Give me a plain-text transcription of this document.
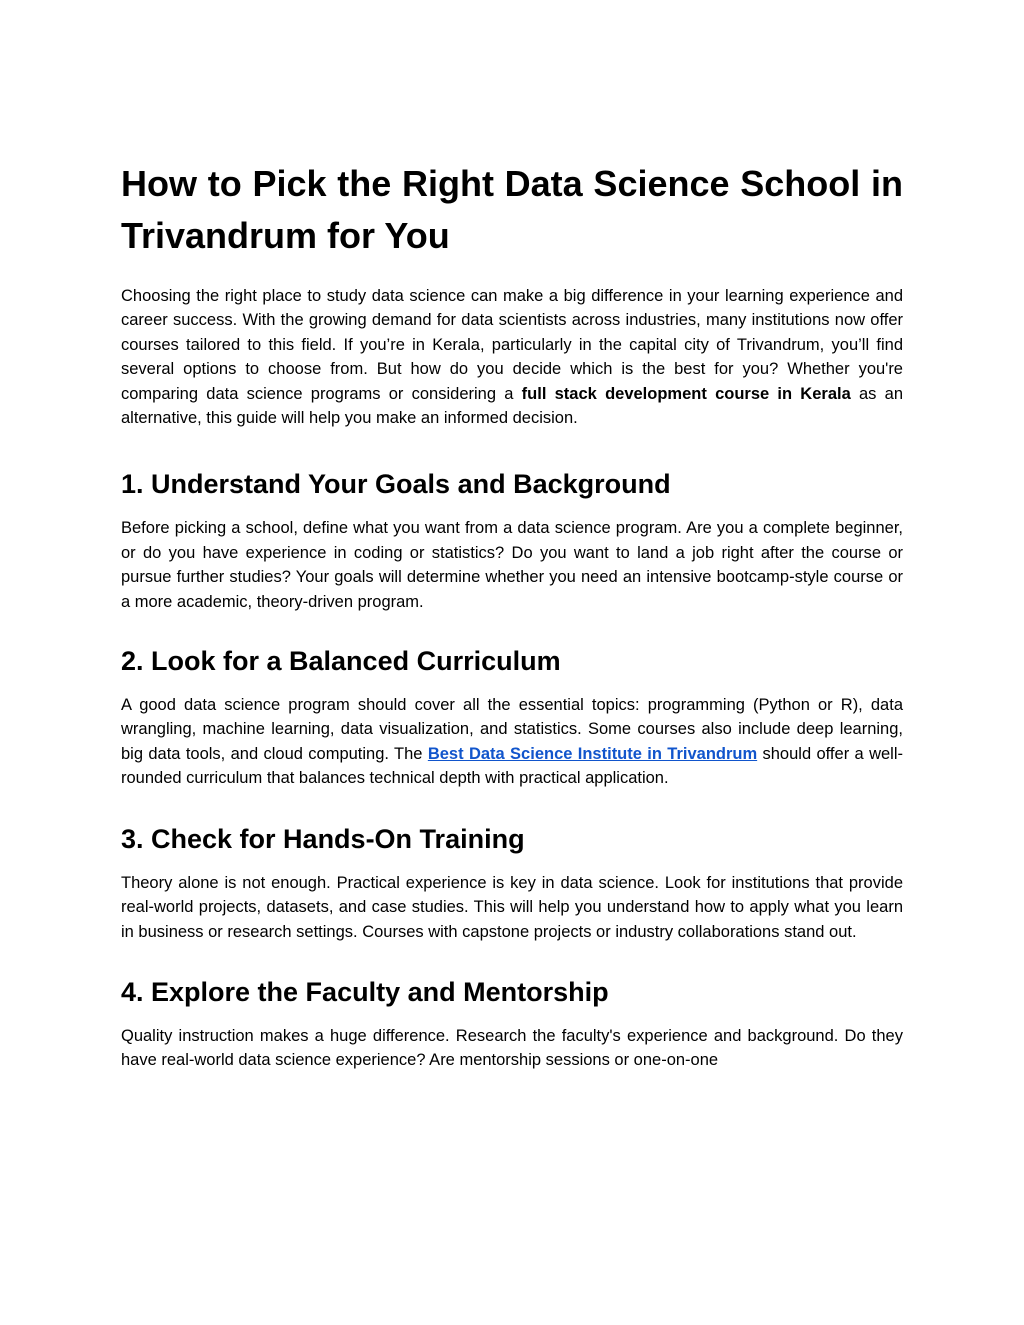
How to Pick the Right Data Science School in Trivandrum for You

Choosing the right place to study data science can make a big difference in your learning experience and career success. With the growing demand for data scientists across industries, many institutions now offer courses tailored to this field. If you’re in Kerala, particularly in the capital city of Trivandrum, you’ll find several options to choose from. But how do you decide which is the best for you? Whether you're comparing data science programs or considering a full stack development course in Kerala as an alternative, this guide will help you make an informed decision.

1. Understand Your Goals and Background

Before picking a school, define what you want from a data science program. Are you a complete beginner, or do you have experience in coding or statistics? Do you want to land a job right after the course or pursue further studies? Your goals will determine whether you need an intensive bootcamp-style course or a more academic, theory-driven program.

2. Look for a Balanced Curriculum

A good data science program should cover all the essential topics: programming (Python or R), data wrangling, machine learning, data visualization, and statistics. Some courses also include deep learning, big data tools, and cloud computing. The Best Data Science Institute in Trivandrum should offer a well-rounded curriculum that balances technical depth with practical application.

3. Check for Hands-On Training

Theory alone is not enough. Practical experience is key in data science. Look for institutions that provide real-world projects, datasets, and case studies. This will help you understand how to apply what you learn in business or research settings. Courses with capstone projects or industry collaborations stand out.

4. Explore the Faculty and Mentorship

Quality instruction makes a huge difference. Research the faculty's experience and background. Do they have real-world data science experience? Are mentorship sessions or one-on-one
